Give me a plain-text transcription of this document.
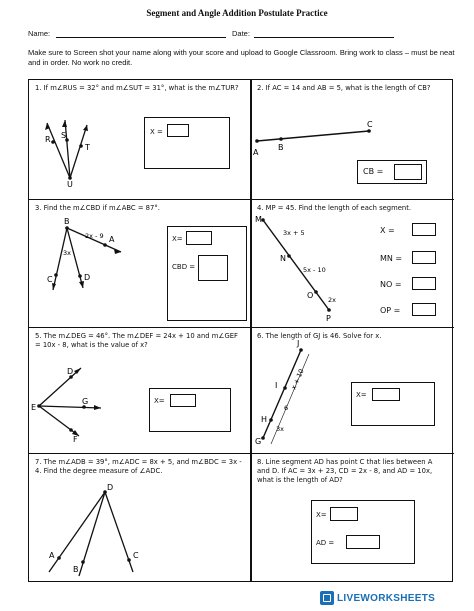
Segment and Angle Addition Postulate Practice
Name:	Date:
Make sure to Screen shot your name along with your score and upload to Google Classroom. Bring work to class – must be neat and in order. No work no credit.
1. If m∠RUS = 32° and m∠SUT = 31°, what is the m∠TUR?
R S
T
U
X =
2. If AC = 14 and AB = 5, what is the length of CB?
A
B
C
CB =
3. Find the m∠CBD if m∠ABC = 87°.
B
A
C	D
2x - 9
3x
X=
CBD =
4. MP = 45. Find the length of each segment.
M
N
O
P
3x + 5
5x - 10
2x
X =
MN =
NO =
OP =
5. The m∠DEG = 46°. The m∠DEF = 24x + 10 and m∠GEF = 10x - 8, what is the value of x?
E
D
G
F
X=
6. The length of GJ is 46. Solve for x.
G
H
I
J
3x
6
x + 10
X=
7. The m∠ADB = 39°, m∠ADC = 8x + 5, and m∠BDC = 3x - 4. Find the degree measure of ∠ADC.
D
A
B
C
8. Line segment AD has point C that lies between A and D. If AC = 3x + 23, CD = 2x - 8, and AD = 10x, what is the length of AD?
X=
AD =
LIVEWORKSHEETS
